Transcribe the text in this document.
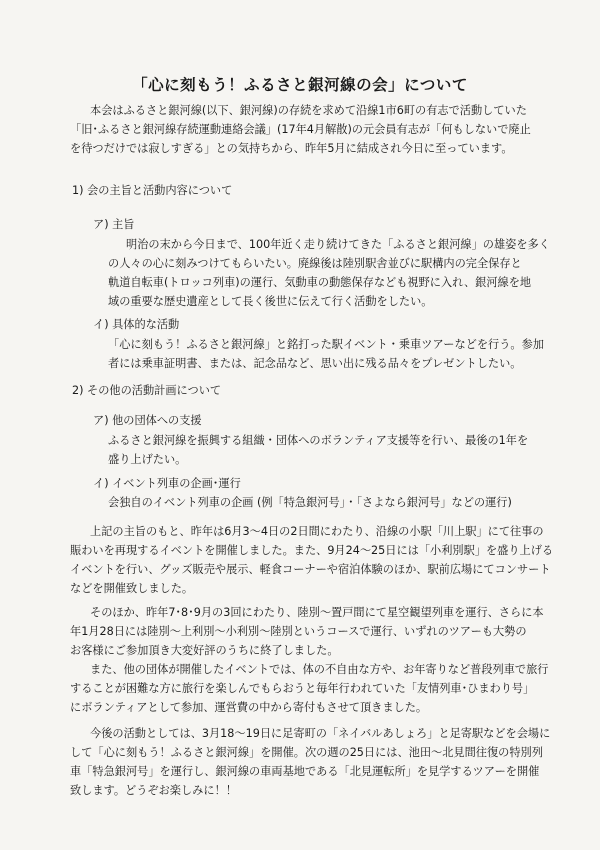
「心に刻もう！ふるさと銀河線の会」について
本会はふるさと銀河線(以下、銀河線)の存続を求めて沿線1市6町の有志で活動していた
「旧･ふるさと銀河線存続運動連絡会議」(17年4月解散)の元会員有志が「何もしないで廃止
を待つだけでは寂しすぎる」との気持ちから、昨年5月に結成され今日に至っています。
1) 会の主旨と活動内容について
ア) 主旨
明治の末から今日まで、100年近く走り続けてきた「ふるさと銀河線」の雄姿を多く
の人々の心に刻みつけてもらいたい。廃線後は陸別駅舎並びに駅構内の完全保存と
軌道自転車(トロッコ列車)の運行、気動車の動態保存なども視野に入れ、銀河線を地
域の重要な歴史遺産として長く後世に伝えて行く活動をしたい。
イ) 具体的な活動
「心に刻もう！ふるさと銀河線」と銘打った駅イベント・乗車ツアーなどを行う。参加
者には乗車証明書、または、記念品など、思い出に残る品々をプレゼントしたい。
2) その他の活動計画について
ア) 他の団体への支援
ふるさと銀河線を振興する組織・団体へのボランティア支援等を行い、最後の1年を
盛り上げたい。
イ) イベント列車の企画･運行
会独自のイベント列車の企画 (例「特急銀河号」・「さよなら銀河号」などの運行)
上記の主旨のもと、昨年は6月3～4日の2日間にわたり、沿線の小駅「川上駅」にて往事の
賑わいを再現するイベントを開催しました。また、9月24～25日には「小利別駅」を盛り上げる
イベントを行い、グッズ販売や展示、軽食コーナーや宿泊体験のほか、駅前広場にてコンサート
などを開催致しました。
そのほか、昨年7･8･9月の3回にわたり、陸別～置戸間にて星空観望列車を運行、さらに本
年1月28日には陸別～上利別～小利別～陸別というコースで運行、いずれのツアーも大勢の
お客様にご参加頂き大変好評のうちに終了しました。
また、他の団体が開催したイベントでは、体の不自由な方や、お年寄りなど普段列車で旅行
することが困難な方に旅行を楽しんでもらおうと毎年行われていた「友情列車･ひまわり号」
にボランティアとして参加、運営費の中から寄付もさせて頂きました。
今後の活動としては、3月18～19日に足寄町の「ネイバルあしょろ」と足寄駅などを会場に
して「心に刻もう！ふるさと銀河線」を開催。次の週の25日には、池田～北見間往復の特別列
車「特急銀河号」を運行し、銀河線の車両基地である「北見運転所」を見学するツアーを開催
致します。どうぞお楽しみに！！
